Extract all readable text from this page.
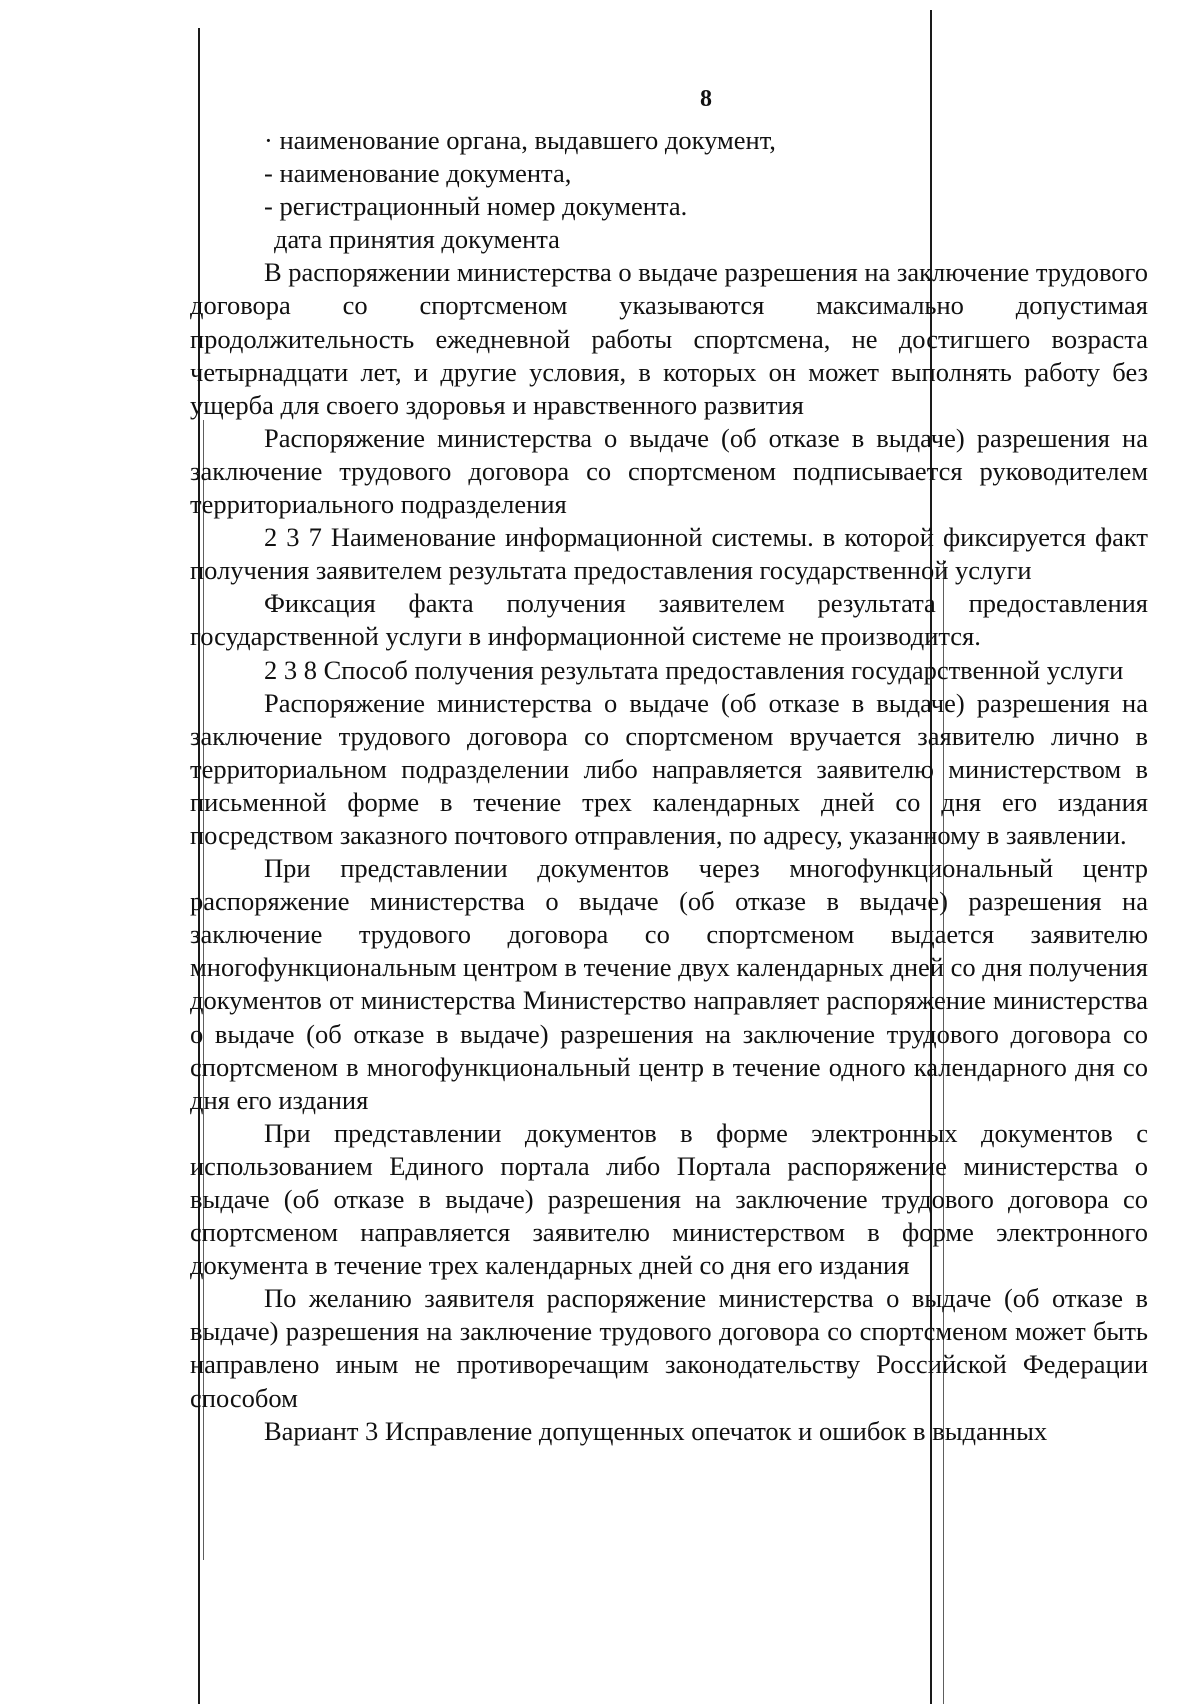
8
· наименование органа, выдавшего документ,
- наименование документа,
- регистрационный номер документа.
дата принятия документа

В распоряжении министерства о выдаче разрешения на заключение трудового договора со спортсменом указываются максимально допустимая продолжительность ежедневной работы спортсмена, не достигшего возраста четырнадцати лет, и другие условия, в которых он может выполнять работу без ущерба для своего здоровья и нравственного развития

Распоряжение министерства о выдаче (об отказе в выдаче) разрешения на заключение трудового договора со спортсменом подписывается руководителем территориального подразделения

2 3 7 Наименование информационной системы. в которой фиксируется факт получения заявителем результата предоставления государственной услуги

Фиксация факта получения заявителем результата предоставления государственной услуги в информационной системе не производится.

2 3 8 Способ получения результата предоставления государственной услуги

Распоряжение министерства о выдаче (об отказе в выдаче) разрешения на заключение трудового договора со спортсменом вручается заявителю лично в территориальном подразделении либо направляется заявителю министерством в письменной форме в течение трех календарных дней со дня его издания посредством заказного почтового отправления, по адресу, указанному в заявлении.

При представлении документов через многофункциональный центр распоряжение министерства о выдаче (об отказе в выдаче) разрешения на заключение трудового договора со спортсменом выдается заявителю многофункциональным центром в течение двух календарных дней со дня получения документов от министерства Министерство направляет распоряжение министерства о выдаче (об отказе в выдаче) разрешения на заключение трудового договора со спортсменом в многофункциональный центр в течение одного календарного дня со дня его издания

При представлении документов в форме электронных документов с использованием Единого портала либо Портала распоряжение министерства о выдаче (об отказе в выдаче) разрешения на заключение трудового договора со спортсменом направляется заявителю министерством в форме электронного документа в течение трех календарных дней со дня его издания

По желанию заявителя распоряжение министерства о выдаче (об отказе в выдаче) разрешения на заключение трудового договора со спортсменом может быть направлено иным не противоречащим законодательству Российской Федерации способом

Вариант 3 Исправление допущенных опечаток и ошибок в выданных
